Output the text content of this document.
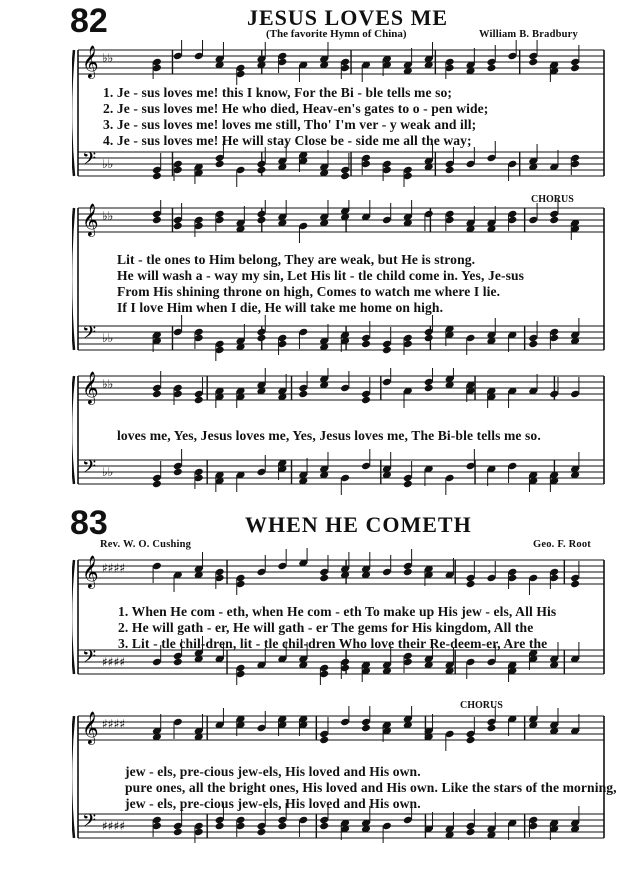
82	JESUS LOVES ME
(The favorite Hymn of China)	William B. Bradbury
𝄞
𝄢
♭♭
♭♭
1. Je - sus loves me! this I know, For the Bi - ble tells me so;
2. Je - sus loves me! He who died, Heav-en's gates to o - pen wide;
3. Je - sus loves me! loves me still, Tho' I'm ver - y weak and ill;
4. Je - sus loves me! He will stay Close be - side me all the way;
CHORUS
𝄞
𝄢
♭♭
♭♭
Lit - tle ones to Him belong, They are weak, but He is strong.
He will wash a - way my sin, Let His lit - tle child come in. Yes, Je-sus
From His shining throne on high, Comes to watch me where I lie.
If I love Him when I die, He will take me home on high.
𝄞
𝄢
♭♭
♭♭
loves me, Yes, Jesus loves me, Yes, Jesus loves me, The Bi-ble tells me so.
83	WHEN HE COMETH
Rev. W. O. Cushing	Geo. F. Root
𝄞
𝄢
♯♯♯♯
♯♯♯♯
1. When He com - eth, when He com - eth To make up His jew - els, All His
2. He will gath - er, He will gath - er The gems for His kingdom, All the
3. Lit - tle chil-dren, lit - tle chil-dren Who love their Re-deem-er, Are the
CHORUS
𝄞
𝄢
♯♯♯♯
♯♯♯♯
jew - els, pre-cious jew-els, His loved and His own.
pure ones, all the bright ones, His loved and His own. Like the stars of the morning,
jew - els, pre-cious jew-els, His loved and His own.
